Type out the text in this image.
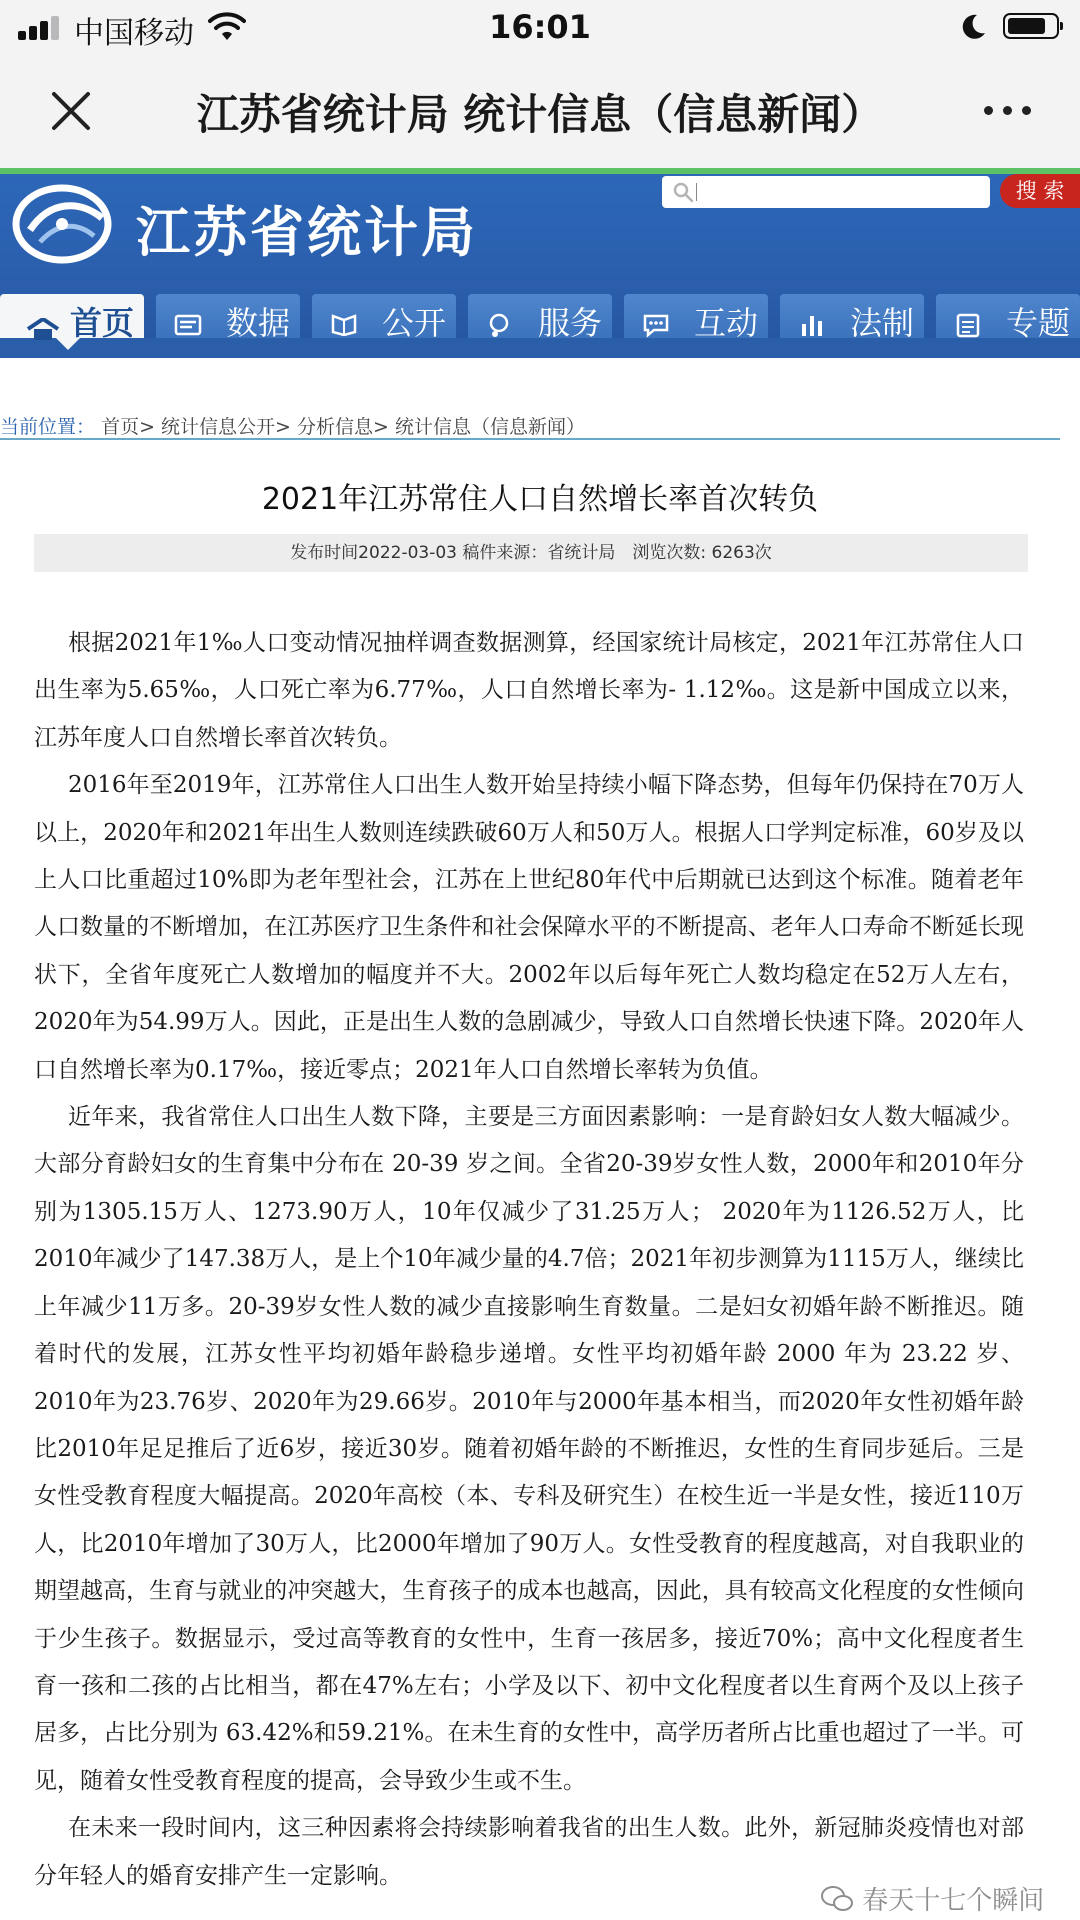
中国移动	16:01
江苏省统计局 统计信息（信息新闻）
江苏省统计局
搜 索
首页	数据	公开	服务	互动	法制	专题
当前位置： 首页> 统计信息公开> 分析信息> 统计信息（信息新闻）
2021年江苏常住人口自然增长率首次转负
发布时间2022-03-03 稿件来源：省统计局　浏览次数: 6263次

根据2021年1‰人口变动情况抽样调查数据测算，经国家统计局核定，2021年江苏常住人口出生率为5.65‰，人口死亡率为6.77‰，人口自然增长率为- 1.12‰。这是新中国成立以来，江苏年度人口自然增长率首次转负。

2016年至2019年，江苏常住人口出生人数开始呈持续小幅下降态势，但每年仍保持在70万人以上，2020年和2021年出生人数则连续跌破60万人和50万人。根据人口学判定标准，60岁及以上人口比重超过10%即为老年型社会，江苏在上世纪80年代中后期就已达到这个标准。随着老年人口数量的不断增加，在江苏医疗卫生条件和社会保障水平的不断提高、老年人口寿命不断延长现状下，全省年度死亡人数增加的幅度并不大。2002年以后每年死亡人数均稳定在52万人左右，2020年为54.99万人。因此，正是出生人数的急剧减少，导致人口自然增长快速下降。2020年人口自然增长率为0.17‰，接近零点；2021年人口自然增长率转为负值。

近年来，我省常住人口出生人数下降，主要是三方面因素影响：一是育龄妇女人数大幅减少。大部分育龄妇女的生育集中分布在 20-39 岁之间。全省20-39岁女性人数，2000年和2010年分别为1305.15万人、1273.90万人，10年仅减少了31.25万人； 2020年为1126.52万人，比2010年减少了147.38万人，是上个10年减少量的4.7倍；2021年初步测算为1115万人，继续比上年减少11万多。20-39岁女性人数的减少直接影响生育数量。二是妇女初婚年龄不断推迟。随着时代的发展，江苏女性平均初婚年龄稳步递增。女性平均初婚年龄 2000 年为 23.22 岁、2010年为23.76岁、2020年为29.66岁。2010年与2000年基本相当，而2020年女性初婚年龄比2010年足足推后了近6岁，接近30岁。随着初婚年龄的不断推迟，女性的生育同步延后。三是女性受教育程度大幅提高。2020年高校（本、专科及研究生）在校生近一半是女性，接近110万人，比2010年增加了30万人，比2000年增加了90万人。女性受教育的程度越高，对自我职业的期望越高，生育与就业的冲突越大，生育孩子的成本也越高，因此，具有较高文化程度的女性倾向于少生孩子。数据显示，受过高等教育的女性中，生育一孩居多，接近70%；高中文化程度者生育一孩和二孩的占比相当，都在47%左右；小学及以下、初中文化程度者以生育两个及以上孩子居多，占比分别为 63.42%和59.21%。在未生育的女性中，高学历者所占比重也超过了一半。可见，随着女性受教育程度的提高，会导致少生或不生。

在未来一段时间内，这三种因素将会持续影响着我省的出生人数。此外，新冠肺炎疫情也对部分年轻人的婚育安排产生一定影响。

春天十七个瞬间
